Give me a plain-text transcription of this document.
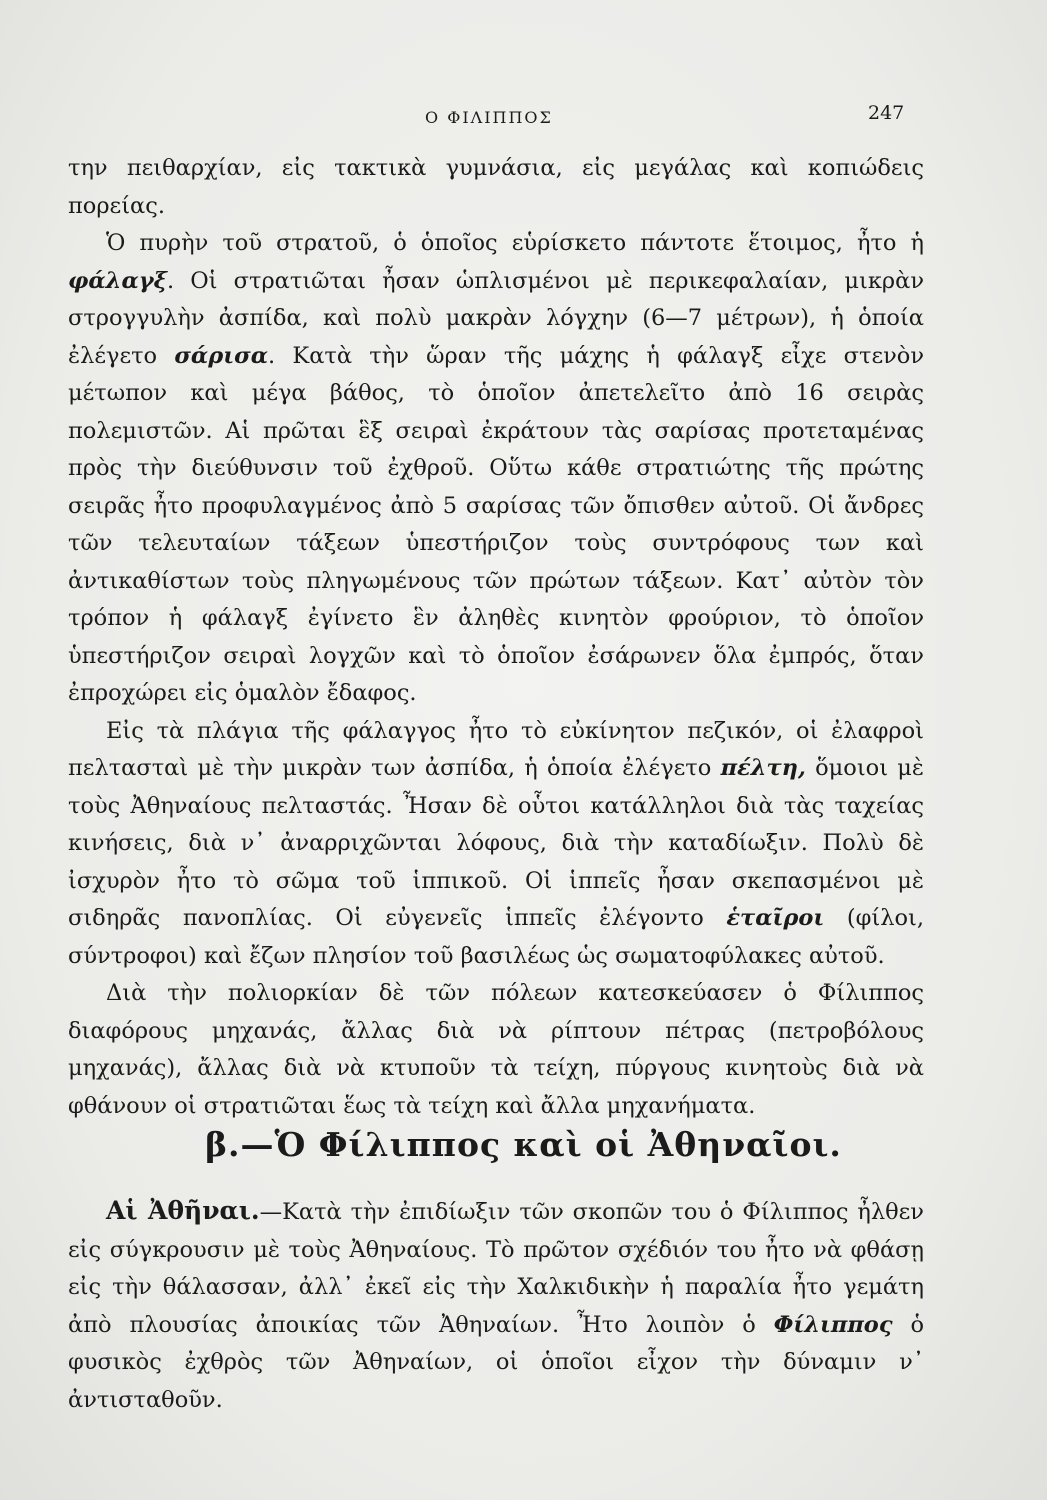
Ο ΦΙΛΙΠΠΟΣ	247

την πειθαρχίαν, εἰς τακτικὰ γυμνάσια, εἰς μεγάλας καὶ κοπιώδεις πορείας.

Ὁ πυρὴν τοῦ στρατοῦ, ὁ ὁποῖος εὑρίσκετο πάντοτε ἕτοιμος, ἦτο ἡ φάλαγξ. Οἱ στρατιῶται ἦσαν ὡπλισμένοι μὲ περικεφαλαίαν, μικρὰν στρογγυλὴν ἀσπίδα, καὶ πολὺ μακρὰν λόγχην (6—7 μέτρων), ἡ ὁποία ἐλέγετο σάρισα. Κατὰ τὴν ὥραν τῆς μάχης ἡ φάλαγξ εἶχε στενὸν μέτωπον καὶ μέγα βάθος, τὸ ὁποῖον ἀπετελεῖτο ἀπὸ 16 σειρὰς πολεμιστῶν. Αἱ πρῶται ἓξ σειραὶ ἐκράτουν τὰς σαρίσας προτεταμένας πρὸς τὴν διεύθυνσιν τοῦ ἐχθροῦ. Οὕτω κάθε στρατιώτης τῆς πρώτης σειρᾶς ἦτο προφυλαγμένος ἀπὸ 5 σαρίσας τῶν ὄπισθεν αὐτοῦ. Οἱ ἄνδρες τῶν τελευταίων τάξεων ὑπεστήριζον τοὺς συντρόφους των καὶ ἀντικαθίστων τοὺς πληγωμένους τῶν πρώτων τάξεων. Κατ᾽ αὐτὸν τὸν τρόπον ἡ φάλαγξ ἐγίνετο ἓν ἀληθὲς κινητὸν φρούριον, τὸ ὁποῖον ὑπεστήριζον σειραὶ λογχῶν καὶ τὸ ὁποῖον ἐσάρωνεν ὅλα ἐμπρός, ὅταν ἐπροχώρει εἰς ὁμαλὸν ἔδαφος.

Εἰς τὰ πλάγια τῆς φάλαγγος ἦτο τὸ εὐκίνητον πεζικόν, οἱ ἐλαφροὶ πελτασταὶ μὲ τὴν μικρὰν των ἀσπίδα, ἡ ὁποία ἐλέγετο πέλτη, ὅμοιοι μὲ τοὺς Ἀθηναίους πελταστάς. Ἦσαν δὲ οὗτοι κατάλληλοι διὰ τὰς ταχείας κινήσεις, διὰ ν᾽ ἀναρριχῶνται λόφους, διὰ τὴν καταδίωξιν. Πολὺ δὲ ἰσχυρὸν ἦτο τὸ σῶμα τοῦ ἱππικοῦ. Οἱ ἱππεῖς ἦσαν σκεπασμένοι μὲ σιδηρᾶς πανοπλίας. Οἱ εὐγενεῖς ἱππεῖς ἐλέγοντο ἑταῖροι (φίλοι, σύντροφοι) καὶ ἔζων πλησίον τοῦ βασιλέως ὡς σωματοφύλακες αὐτοῦ.

Διὰ τὴν πολιορκίαν δὲ τῶν πόλεων κατεσκεύασεν ὁ Φίλιππος διαφόρους μηχανάς, ἄλλας διὰ νὰ ρίπτουν πέτρας (πετροβόλους μηχανάς), ἄλλας διὰ νὰ κτυποῦν τὰ τείχη, πύργους κινητοὺς διὰ νὰ φθάνουν οἱ στρατιῶται ἕως τὰ τείχη καὶ ἄλλα μηχανήματα.

β.—Ὁ Φίλιππος καὶ οἱ Ἀθηναῖοι.

Αἱ Ἀθῆναι.—Κατὰ τὴν ἐπιδίωξιν τῶν σκοπῶν του ὁ Φίλιππος ἦλθεν εἰς σύγκρουσιν μὲ τοὺς Ἀθηναίους. Τὸ πρῶτον σχέδιόν του ἦτο νὰ φθάσῃ εἰς τὴν θάλασσαν, ἀλλ᾽ ἐκεῖ εἰς τὴν Χαλκιδικὴν ἡ παραλία ἦτο γεμάτη ἀπὸ πλουσίας ἀποικίας τῶν Ἀθηναίων. Ἦτο λοιπὸν ὁ Φίλιππος ὁ φυσικὸς ἐχθρὸς τῶν Ἀθηναίων, οἱ ὁποῖοι εἶχον τὴν δύναμιν ν᾽ ἀντισταθοῦν.
